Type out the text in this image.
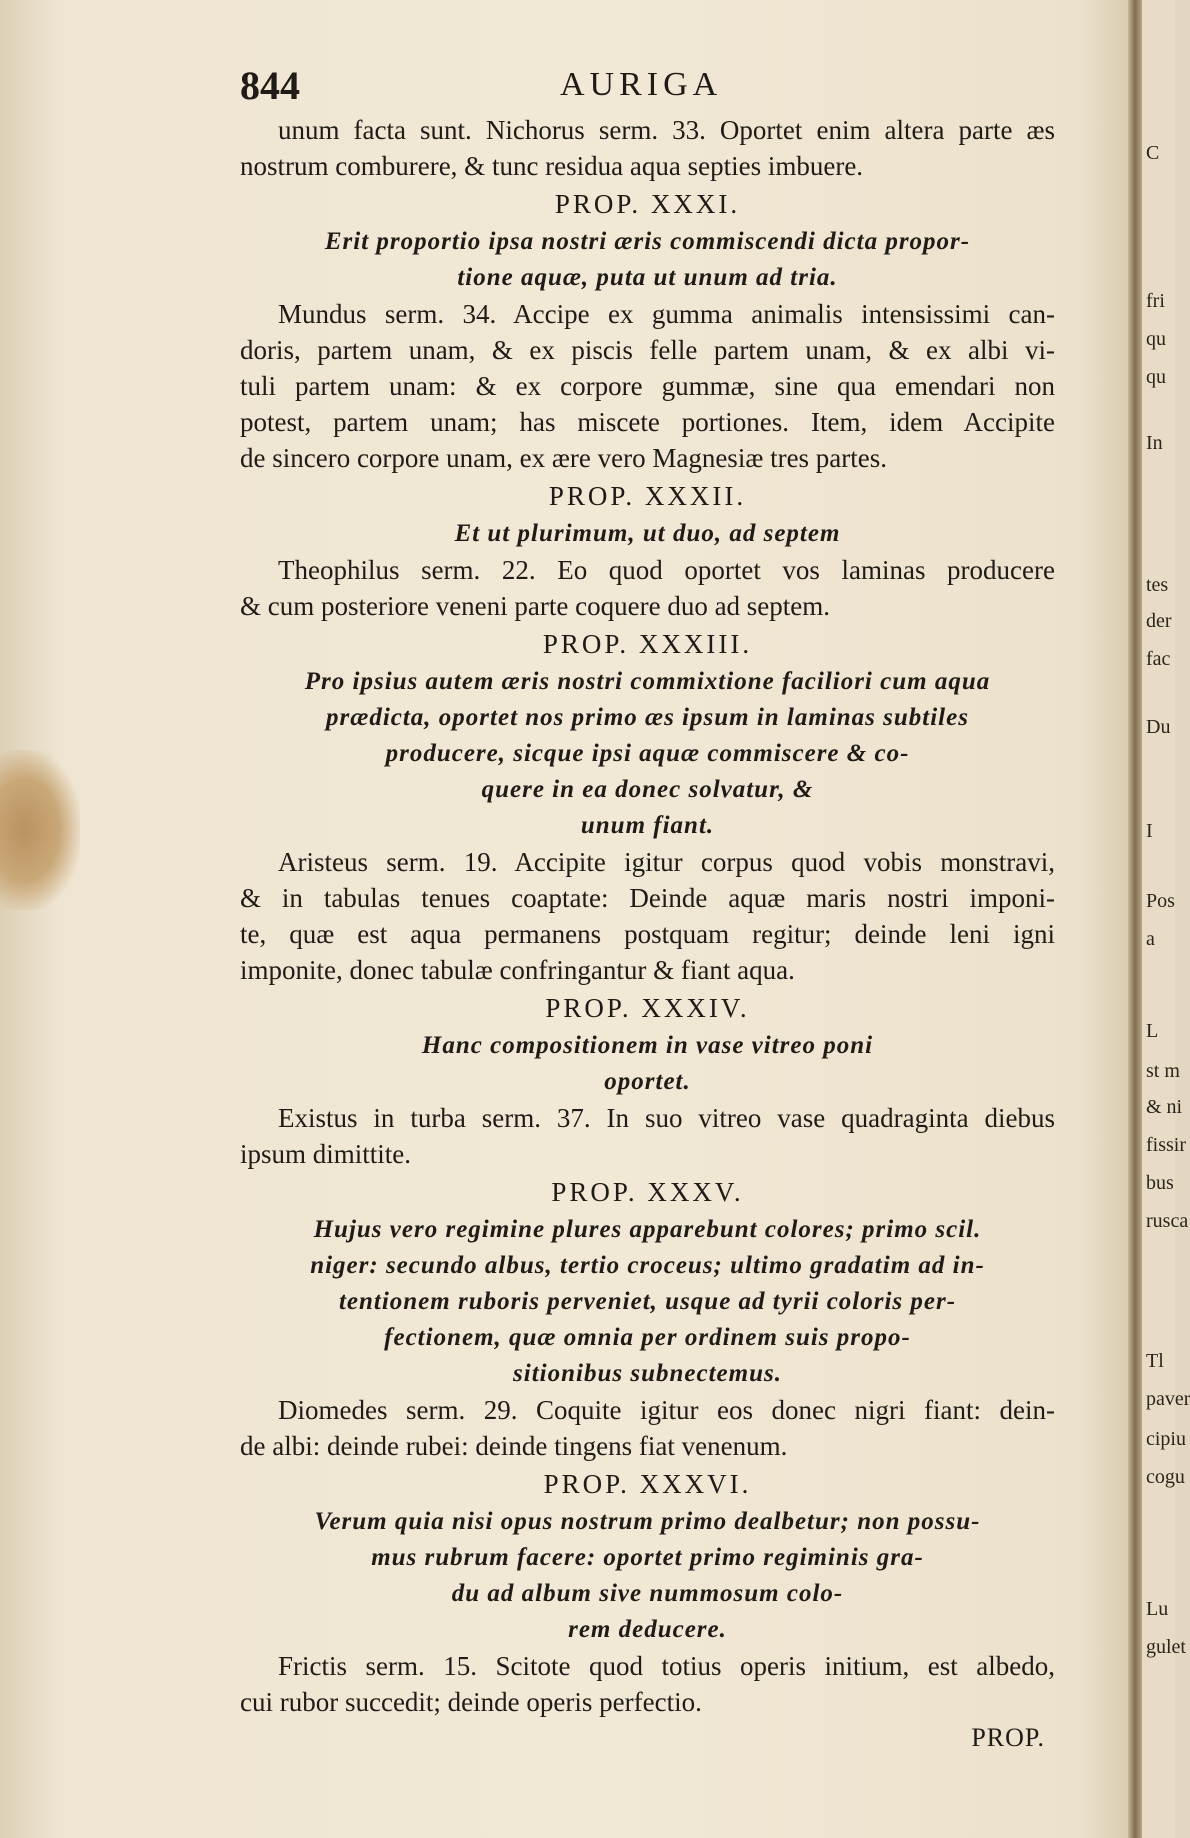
844	AURIGA
unum facta sunt. Nichorus serm. 33. Oportet enim altera parte æs
nostrum comburere, & tunc residua aqua septies imbuere.
PROP. XXXI.
Erit proportio ipsa nostri æris commiscendi dicta propor-
tione aquæ, puta ut unum ad tria.
Mundus serm. 34. Accipe ex gumma animalis intensissimi can-
doris, partem unam, & ex piscis felle partem unam, & ex albi vi-
tuli partem unam: & ex corpore gummæ, sine qua emendari non
potest, partem unam; has miscete portiones. Item, idem Accipite
de sincero corpore unam, ex ære vero Magnesiæ tres partes.
PROP. XXXII.
Et ut plurimum, ut duo, ad septem
Theophilus serm. 22. Eo quod oportet vos laminas producere
& cum posteriore veneni parte coquere duo ad septem.
PROP. XXXIII.
Pro ipsius autem æris nostri commixtione faciliori cum aqua
prædicta, oportet nos primo æs ipsum in laminas subtiles
producere, sicque ipsi aquæ commiscere & co-
quere in ea donec solvatur, &
unum fiant.
Aristeus serm. 19. Accipite igitur corpus quod vobis monstravi,
& in tabulas tenues coaptate: Deinde aquæ maris nostri imponi-
te, quæ est aqua permanens postquam regitur; deinde leni igni
imponite, donec tabulæ confringantur & fiant aqua.
PROP. XXXIV.
Hanc compositionem in vase vitreo poni
oportet.
Existus in turba serm. 37. In suo vitreo vase quadraginta diebus
ipsum dimittite.
PROP. XXXV.
Hujus vero regimine plures apparebunt colores; primo scil.
niger: secundo albus, tertio croceus; ultimo gradatim ad in-
tentionem ruboris perveniet, usque ad tyrii coloris per-
fectionem, quæ omnia per ordinem suis propo-
sitionibus subnectemus.
Diomedes serm. 29. Coquite igitur eos donec nigri fiant: dein-
de albi: deinde rubei: deinde tingens fiat venenum.
PROP. XXXVI.
Verum quia nisi opus nostrum primo dealbetur; non possu-
mus rubrum facere: oportet primo regiminis gra-
du ad album sive nummosum colo-
rem deducere.
Frictis serm. 15. Scitote quod totius operis initium, est albedo,
cui rubor succedit; deinde operis perfectio.
PROP.
C
fri
qu
qu
In
tes
der
fac
Du
I
Pos
a
L
st m
& ni
fissir
bus
rusca
Tl
paver
cipiu
cogu
Lu
gulet
